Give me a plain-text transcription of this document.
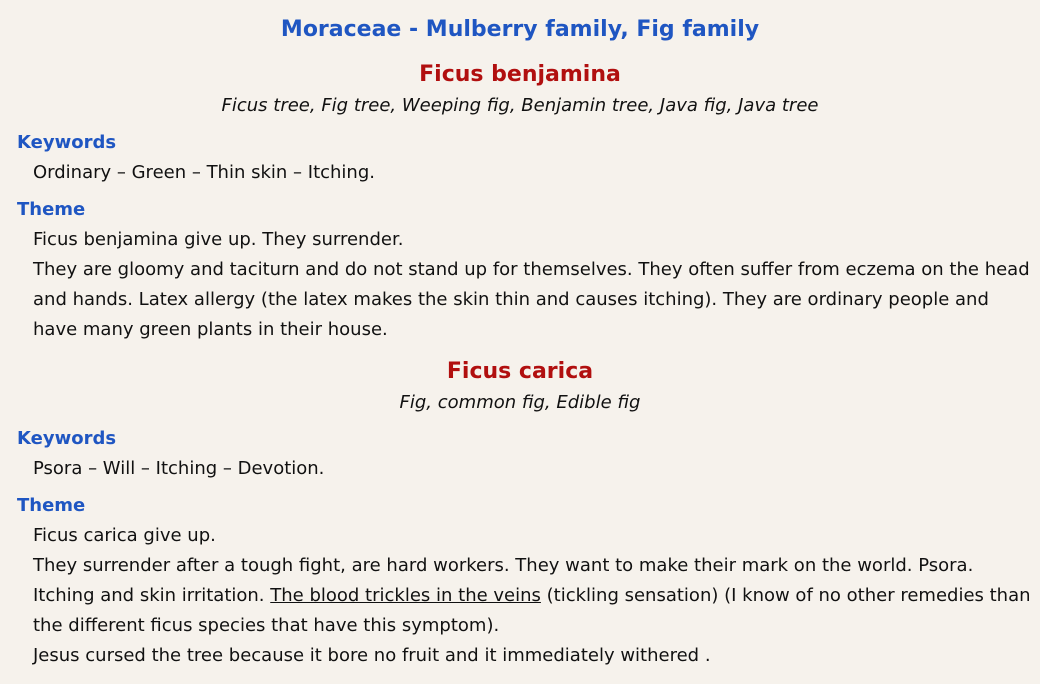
Moraceae - Mulberry family, Fig family
Ficus benjamina
Ficus tree, Fig tree, Weeping fig, Benjamin tree, Java fig, Java tree
Keywords
Ordinary – Green – Thin skin – Itching.
Theme

Ficus benjamina give up. They surrender.

They are gloomy and taciturn and do not stand up for themselves. They often suffer from eczema on the head and hands. Latex allergy (the latex makes the skin thin and causes itching). They are ordinary people and have many green plants in their house.

Ficus carica
Fig, common fig, Edible fig
Keywords
Psora – Will – Itching – Devotion.
Theme

Ficus carica give up.

They surrender after a tough fight, are hard workers. They want to make their mark on the world. Psora.

Itching and skin irritation. The blood trickles in the veins (tickling sensation) (I know of no other remedies than the different ficus species that have this symptom).

Jesus cursed the tree because it bore no fruit and it immediately withered .
